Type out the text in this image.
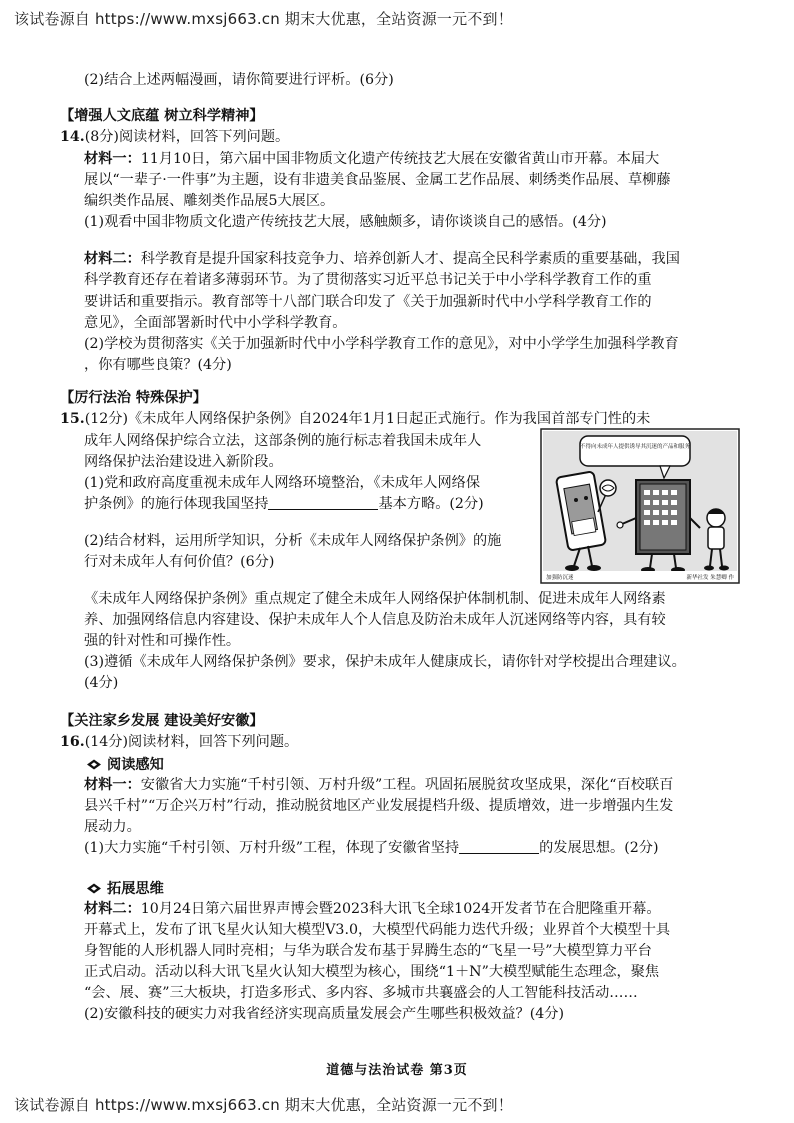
该试卷源自 https://www.mxsj663.cn 期末大优惠，全站资源一元不到！
(2)结合上述两幅漫画，请你简要进行评析。(6分)
【增强人文底蕴 树立科学精神】
14.(8分)阅读材料，回答下列问题。
材料一：11月10日，第六届中国非物质文化遗产传统技艺大展在安徽省黄山市开幕。本届大
展以“一辈子·一件事”为主题，设有非遗美食品鉴展、金属工艺作品展、刺绣类作品展、草柳藤
编织类作品展、雕刻类作品展5大展区。
(1)观看中国非物质文化遗产传统技艺大展，感触颇多，请你谈谈自己的感悟。(4分)
材料二：科学教育是提升国家科技竞争力、培养创新人才、提高全民科学素质的重要基础，我国
科学教育还存在着诸多薄弱环节。为了贯彻落实习近平总书记关于中小学科学教育工作的重
要讲话和重要指示。教育部等十八部门联合印发了《关于加强新时代中小学科学教育工作的
意见》，全面部署新时代中小学科学教育。
(2)学校为贯彻落实《关于加强新时代中小学科学教育工作的意见》，对中小学学生加强科学教育
，你有哪些良策？(4分)
【厉行法治 特殊保护】
15.(12分)《未成年人网络保护条例》自2024年1月1日起正式施行。作为我国首部专门性的未
成年人网络保护综合立法，这部条例的施行标志着我国未成年人
网络保护法治建设进入新阶段。
(1)党和政府高度重视未成年人网络环境整治，《未成年人网络保
护条例》的施行体现我国坚持	基本方略。(2分)
(2)结合材料，运用所学知识，分析《未成年人网络保护条例》的施
行对未成年人有何价值？(6分)
不得向未成年人提供诱导其沉迷的产品和服务
加强防沉迷	新华社发 朱慧卿 作
《未成年人网络保护条例》重点规定了健全未成年人网络保护体制机制、促进未成年人网络素
养、加强网络信息内容建设、保护未成年人个人信息及防治未成年人沉迷网络等内容，具有较
强的针对性和可操作性。
(3)遵循《未成年人网络保护条例》要求，保护未成年人健康成长，请你针对学校提出合理建议。
(4分)
【关注家乡发展 建设美好安徽】
16.(14分)阅读材料，回答下列问题。
阅读感知
材料一：安徽省大力实施“千村引领、万村升级”工程。巩固拓展脱贫攻坚成果，深化“百校联百
县兴千村”“万企兴万村”行动，推动脱贫地区产业发展提档升级、提质增效，进一步增强内生发
展动力。
(1)大力实施“千村引领、万村升级”工程，体现了安徽省坚持	的发展思想。(2分)
拓展思维
材料二：10月24日第六届世界声博会暨2023科大讯飞全球1024开发者节在合肥隆重开幕。
开幕式上，发布了讯飞星火认知大模型V3.0，大模型代码能力迭代升级；业界首个大模型十具
身智能的人形机器人同时亮相；与华为联合发布基于昇腾生态的“飞星一号”大模型算力平台
正式启动。活动以科大讯飞星火认知大模型为核心，围绕“1＋N”大模型赋能生态理念，聚焦
“会、展、赛”三大板块，打造多形式、多内容、多城市共襄盛会的人工智能科技活动……
(2)安徽科技的硬实力对我省经济实现高质量发展会产生哪些积极效益？(4分)
道德与法治试卷 第3页
该试卷源自 https://www.mxsj663.cn 期末大优惠，全站资源一元不到！
